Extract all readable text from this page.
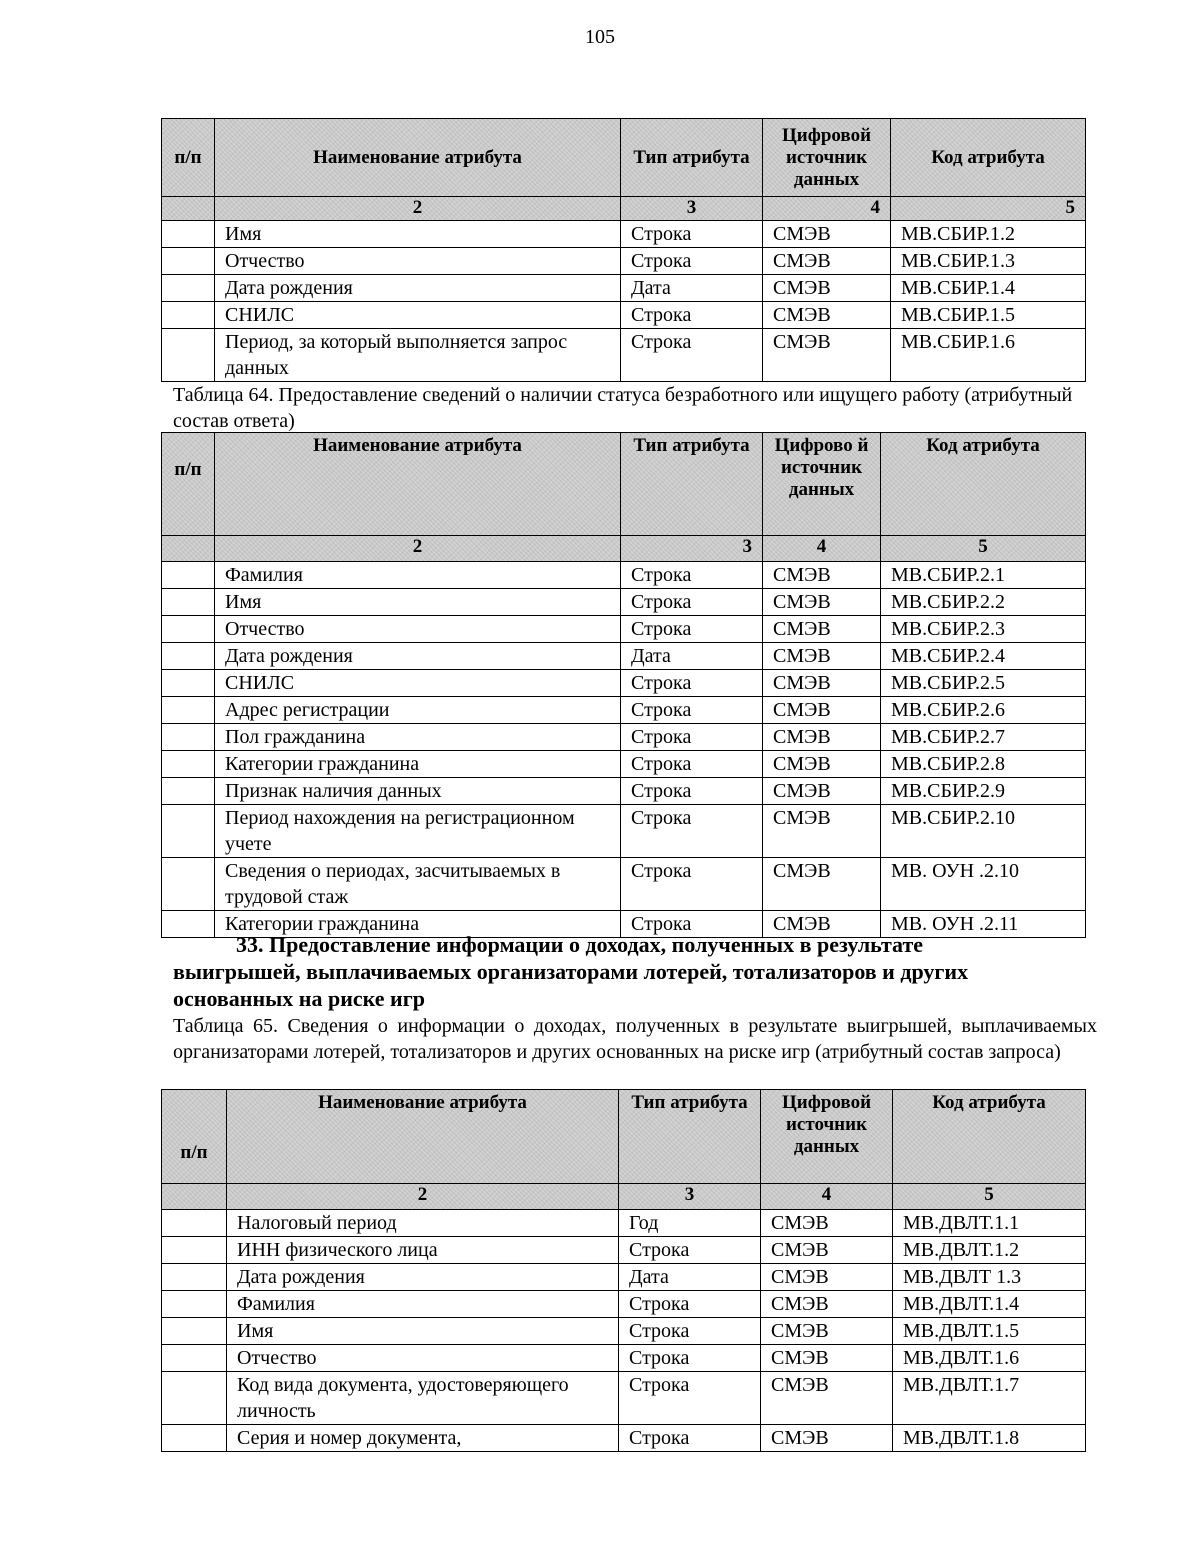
105
п/п	Наименование атрибута	Тип атрибута	Цифровой источник данных	Код атрибута
	2	3	4	5
	Имя	Строка	СМЭВ	МВ.СБИР.1.2
	Отчество	Строка	СМЭВ	МВ.СБИР.1.3
	Дата рождения	Дата	СМЭВ	МВ.СБИР.1.4
	СНИЛС	Строка	СМЭВ	МВ.СБИР.1.5
	Период, за который выполняется запрос данных	Строка	СМЭВ	МВ.СБИР.1.6
Таблица 64. Предоставление сведений о наличии статуса безработного или ищущего работу (атрибутный состав ответа)
п/п	Наименование атрибута	Тип атрибута	Цифрово й источник данных	Код атрибута
	2	3	4	5
	Фамилия	Строка	СМЭВ	МВ.СБИР.2.1
	Имя	Строка	СМЭВ	МВ.СБИР.2.2
	Отчество	Строка	СМЭВ	МВ.СБИР.2.3
	Дата рождения	Дата	СМЭВ	МВ.СБИР.2.4
	СНИЛС	Строка	СМЭВ	МВ.СБИР.2.5
	Адрес регистрации	Строка	СМЭВ	МВ.СБИР.2.6
	Пол гражданина	Строка	СМЭВ	МВ.СБИР.2.7
	Категории гражданина	Строка	СМЭВ	МВ.СБИР.2.8
	Признак наличия данных	Строка	СМЭВ	МВ.СБИР.2.9
	Период нахождения на регистрационном учете	Строка	СМЭВ	МВ.СБИР.2.10
	Сведения о периодах, засчитываемых в трудовой стаж	Строка	СМЭВ	МВ. ОУН .2.10
	Категории гражданина	Строка	СМЭВ	МВ. ОУН .2.11
33. Предоставление информации о доходах, полученных в результате
выигрышей, выплачиваемых организаторами лотерей, тотализаторов и других основанных на риске игр
Таблица 65. Сведения о информации о доходах, полученных в результате выигрышей, выплачиваемых организаторами лотерей, тотализаторов и других основанных на риске игр (атрибутный состав запроса)
п/п	Наименование атрибута	Тип атрибута	Цифровой источник данных	Код атрибута
	2	3	4	5
	Налоговый период	Год	СМЭВ	МВ.ДВЛТ.1.1
	ИНН физического лица	Строка	СМЭВ	МВ.ДВЛТ.1.2
	Дата рождения	Дата	СМЭВ	МВ.ДВЛТ 1.3
	Фамилия	Строка	СМЭВ	МВ.ДВЛТ.1.4
	Имя	Строка	СМЭВ	МВ.ДВЛТ.1.5
	Отчество	Строка	СМЭВ	МВ.ДВЛТ.1.6
	Код вида документа, удостоверяющего личность	Строка	СМЭВ	МВ.ДВЛТ.1.7
	Серия и номер документа,	Строка	СМЭВ	МВ.ДВЛТ.1.8
